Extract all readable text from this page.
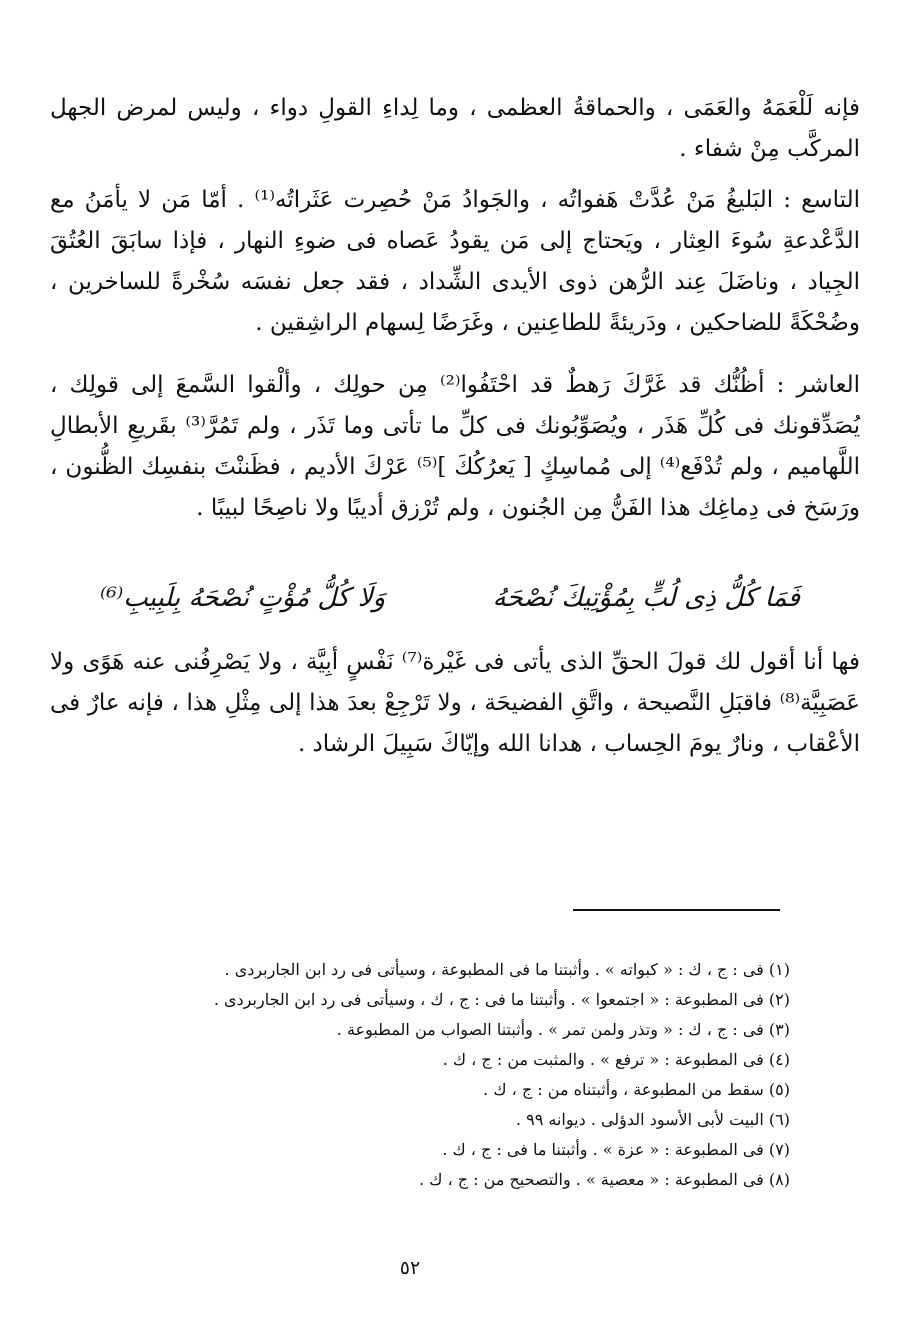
فإنه لَلْعَمَهُ والعَمَى ، والحماقةُ العظمى ، وما لِداءِ القولِ دواء ، وليس لمرض الجهل المركَّب مِنْ شفاء .

التاسع : البَليغُ مَنْ عُدَّتْ هَفواتُه ، والجَوادُ مَنْ حُصِرت عَثَراتُه⁽¹⁾ . أمّا مَن لا يأمَنُ مع الدَّعْدعةِ سُوءَ العِثار ، ويَحتاج إلى مَن يقودُ عَصاه فى ضوءِ النهار ، فإذا سابَقَ العُتُقَ الجِياد ، وناضَلَ عِند الرُّهن ذوى الأيدى الشِّداد ، فقد جعل نفسَه سُخْرةً للساخرين ، وضُحْكَةً للضاحكين ، ودَريئةً للطاعِنين ، وغَرَضًا لِسهام الراشِقين .

العاشر : أظُنُّك قد غَرَّكَ رَهطٌ قد احْتَفُوا⁽²⁾ مِن حولِك ، وألْقوا السَّمعَ إلى قولِك ، يُصَدِّقونك فى كُلِّ هَذَر ، ويُصَوِّبُونك فى كلِّ ما تأتى وما تَذَر ، ولم تَمُرَّ⁽³⁾ بقَريعِ الأبطالِ اللَّهاميم ، ولم تُدْفَع⁽⁴⁾ إلى مُماسِكٍ [ يَعرُكُكَ ]⁽⁵⁾ عَرْكَ الأديم ، فظَننْتَ بنفسِك الظُّنون ، ورَسَخ فى دِماغِك هذا الفَنُّ مِن الجُنون ، ولم تُرْزق أديبًا ولا ناصِحًا لبيبًا .

فَمَا كُلُّ ذِى لُبٍّ بِمُؤْتِيكَ نُصْحَهُ
وَلَا كُلُّ مُؤْتٍ نُصْحَهُ بِلَبِيبِ⁽⁶⁾

فها أنا أقول لك قولَ الحقِّ الذى يأتى فى غَيْرة⁽⁷⁾ نَفْسٍ أبِيَّة ، ولا يَصْرِفُنى عنه هَوًى ولا عَصَبِيَّة⁽⁸⁾ فاقبَلِ النَّصيحة ، واتَّقِ الفضيحَة ، ولا تَرْجِعْ بعدَ هذا إلى مِثْلِ هذا ، فإنه عارٌ فى الأعْقاب ، ونارٌ يومَ الحِساب ، هدانا الله وإيّاكَ سَبِيلَ الرشاد .

(١) فى : ج ، ك : « كبواته » . وأثبتنا ما فى المطبوعة ، وسيأتى فى رد ابن الجاربردى .
(٢) فى المطبوعة : « اجتمعوا » . وأثبتنا ما فى : ج ، ك ، وسيأتى فى رد ابن الجاربردى .
(٣) فى : ج ، ك : « وتذر ولمن تمر » . وأثبتنا الصواب من المطبوعة .
(٤) فى المطبوعة : « ترفع » . والمثبت من : ج ، ك .
(٥) سقط من المطبوعة ، وأثبتناه من : ج ، ك .
(٦) البيت لأبى الأسود الدؤلى . ديوانه ٩٩ .
(٧) فى المطبوعة : « عزة » . وأثبتنا ما فى : ج ، ك .
(٨) فى المطبوعة : « معصية » . والتصحيح من : ج ، ك .
٥٢
